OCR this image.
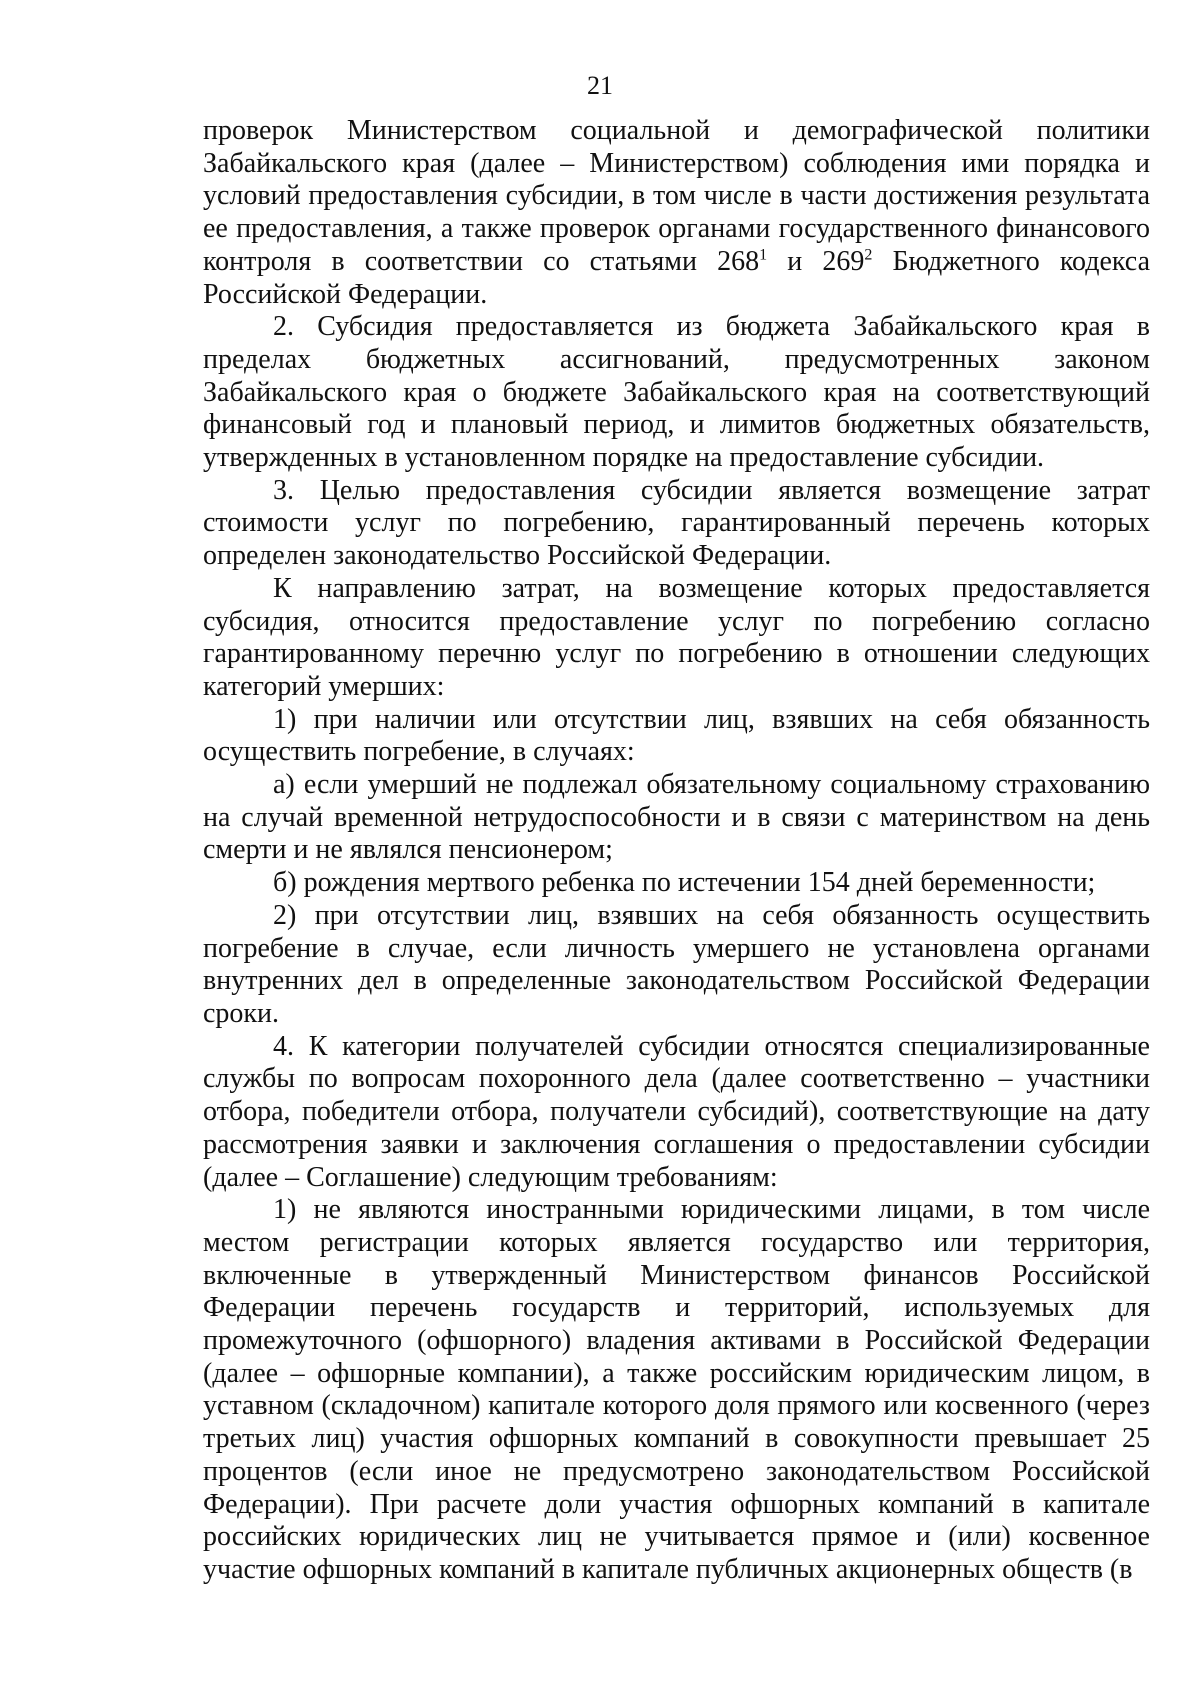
21

проверок Министерством социальной и демографической политики Забайкальского края (далее – Министерством) соблюдения ими порядка и условий предоставления субсидии, в том числе в части достижения результата ее предоставления, а также проверок органами государственного финансового контроля в соответствии со статьями $268^1$ и $269^2$ Бюджетного кодекса Российской Федерации.

2. Субсидия предоставляется из бюджета Забайкальского края в пределах бюджетных ассигнований, предусмотренных законом Забайкальского края о бюджете Забайкальского края на соответствующий финансовый год и плановый период, и лимитов бюджетных обязательств, утвержденных в установленном порядке на предоставление субсидии.

3. Целью предоставления субсидии является возмещение затрат стоимости услуг по погребению, гарантированный перечень которых определен законодательство Российской Федерации.

К направлению затрат, на возмещение которых предоставляется субсидия, относится предоставление услуг по погребению согласно гарантированному перечню услуг по погребению в отношении следующих категорий умерших:

1) при наличии или отсутствии лиц, взявших на себя обязанность осуществить погребение, в случаях:

а) если умерший не подлежал обязательному социальному страхованию на случай временной нетрудоспособности и в связи с материнством на день смерти и не являлся пенсионером;

б) рождения мертвого ребенка по истечении 154 дней беременности;

2) при отсутствии лиц, взявших на себя обязанность осуществить погребение в случае, если личность умершего не установлена органами внутренних дел в определенные законодательством Российской Федерации сроки.

4. К категории получателей субсидии относятся специализированные службы по вопросам похоронного дела (далее соответственно – участники отбора, победители отбора, получатели субсидий), соответствующие на дату рассмотрения заявки и заключения соглашения о предоставлении субсидии (далее – Соглашение) следующим требованиям:

1) не являются иностранными юридическими лицами, в том числе местом регистрации которых является государство или территория, включенные в утвержденный Министерством финансов Российской Федерации перечень государств и территорий, используемых для промежуточного (офшорного) владения активами в Российской Федерации (далее – офшорные компании), а также российским юридическим лицом, в уставном (складочном) капитале которого доля прямого или косвенного (через третьих лиц) участия офшорных компаний в совокупности превышает 25 процентов (если иное не предусмотрено законодательством Российской Федерации). При расчете доли участия офшорных компаний в капитале российских юридических лиц не учитывается прямое и (или) косвенное участие офшорных компаний в капитале публичных акционерных обществ (в
